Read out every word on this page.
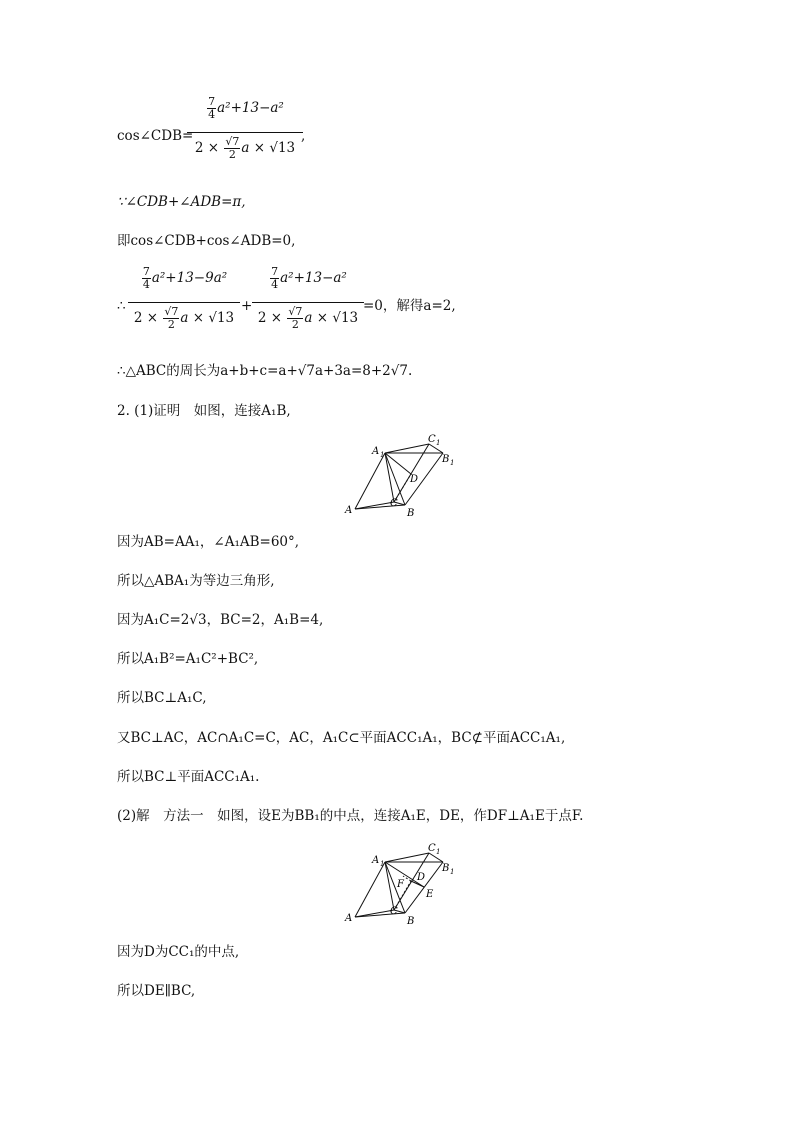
cos∠CDB=
$\frac{7}{4} a^2+13-a^2$
$2 \times \frac{√7}{2}$ a × √13
,
∵∠CDB+∠ADB=π,
即cos∠CDB+cos∠ADB=0,
∴
$\frac{7}{4} a^2+13-9a^2$
$2 \times \frac{√7}{2}$ a × √13
+
$\frac{7}{4} a^2+13-a^2$
$2 \times \frac{√7}{2}$ a × √13
=0，解得a=2,
∴△ABC的周长为a+b+c=a+√7a+3a=8+2√7.
2. (1)证明　如图，连接A₁B,
A 1
C 1
B 1
D
A
C
B
因为AB=AA₁，∠A₁AB=60°,
所以△ABA₁为等边三角形,
因为A₁C=2√3，BC=2，A₁B=4,
所以A₁B²=A₁C²+BC²,
所以BC⊥A₁C,
又BC⊥AC，AC∩A₁C=C，AC，A₁C⊂平面ACC₁A₁，BC⊄平面ACC₁A₁,
所以BC⊥平面ACC₁A₁.
(2)解　方法一　如图，设E为BB₁的中点，连接A₁E，DE，作DF⊥A₁E于点F.
A 1
C 1
B 1
D
F
E
A
C
B
因为D为CC₁的中点,
所以DE∥BC,
